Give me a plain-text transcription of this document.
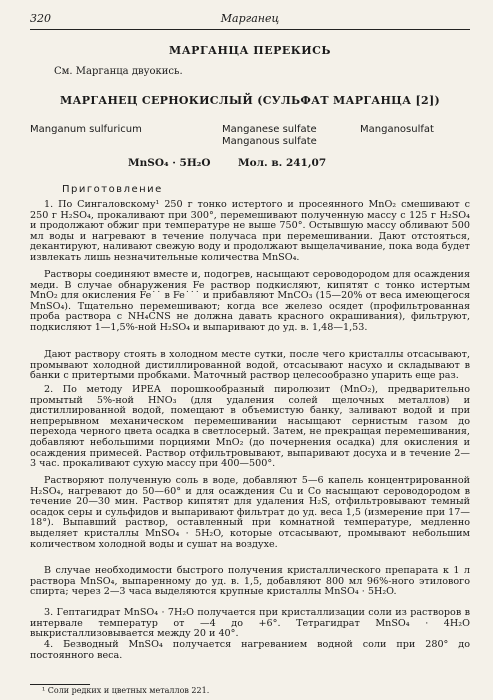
320	Марганец
МАРГАНЦА ПЕРЕКИСЬ
См. Марганца двуокись.
МАРГАНЕЦ СЕРНОКИСЛЫЙ (СУЛЬФАТ МАРГАНЦА [2])
Manganum sulfuricum	Manganese sulfate
Manganous sulfate
Manganosulfat
MnSO₄ · 5H₂O	Мол. в. 241,07
Приготовление

1. По Сингаловскому¹ 250 г тонко истертого и просеянного MnO₂ смешивают с 250 г H₂SO₄, прокаливают при 300°, перемешивают полученную массу с 125 г H₂SO₄ и продолжают обжиг при температуре не выше 750°. Остывшую массу обливают 500 мл воды и нагревают в течение получаса при перемешивании. Дают отстояться, декантируют, наливают свежую воду и продолжают выщелачивание, пока вода будет извлекать лишь незначительные количества MnSO₄.

Растворы соединяют вместе и, подогрев, насыщают сероводородом для осаждения меди. В случае обнаружения Fe раствор подкисляют, кипятят с тонко истертым MnO₂ для окисления Fe˙˙ в Fe˙˙˙ и прибавляют MnCO₃ (15—20% от веса имеющегося MnSO₄). Тщательно перемешивают; когда все железо осядет (профильтрованная проба раствора с NH₄CNS не должна давать красного окрашивания), фильтруют, подкисляют 1—1,5%-ной H₂SO₄ и выпаривают до уд. в. 1,48—1,53.

Дают раствору стоять в холодном месте сутки, после чего кристаллы отсасывают, промывают холодной дистиллированной водой, отсасывают насухо и складывают в банки с притертыми пробками. Маточный раствор целесообразно упарить еще раз.

2. По методу ИРЕА порошкообразный пиролюзит (MnO₂), предварительно промытый 5%-ной HNO₃ (для удаления солей щелочных металлов) и дистиллированной водой, помещают в объемистую банку, заливают водой и при непрерывном механическом перемешивании насыщают сернистым газом до перехода черного цвета осадка в светлосерый. Затем, не прекращая перемешивания, добавляют небольшими порциями MnO₂ (до почернения осадка) для окисления и осаждения примесей. Раствор отфильтровывают, выпаривают досуха и в течение 2—3 час. прокаливают сухую массу при 400—500°.

Растворяют полученную соль в воде, добавляют 5—6 капель концентрированной H₂SO₄, нагревают до 50—60° и для осаждения Cu и Co насыщают сероводородом в течение 20—30 мин. Раствор кипятят для удаления H₂S, отфильтровывают темный осадок серы и сульфидов и выпаривают фильтрат до уд. веса 1,5 (измерение при 17—18°). Выпавший раствор, оставленный при комнатной температуре, медленно выделяет кристаллы MnSO₄ · 5H₂O, которые отсасывают, промывают небольшим количеством холодной воды и сушат на воздухе.

В случае необходимости быстрого получения кристаллического препарата к 1 л раствора MnSO₄, выпаренному до уд. в. 1,5, добавляют 800 мл 96%-ного этилового спирта; через 2—3 часа выделяются крупные кристаллы MnSO₄ · 5H₂O.

3. Гептагидрат MnSO₄ · 7H₂O получается при кристаллизации соли из растворов в интервале температур от —4 до +6°. Тетрагидрат MnSO₄ · 4H₂O выкристаллизовывается между 20 и 40°.

4. Безводный MnSO₄ получается нагреванием водной соли при 280° до постоянного веса.

¹ Соли редких и цветных металлов 221.
